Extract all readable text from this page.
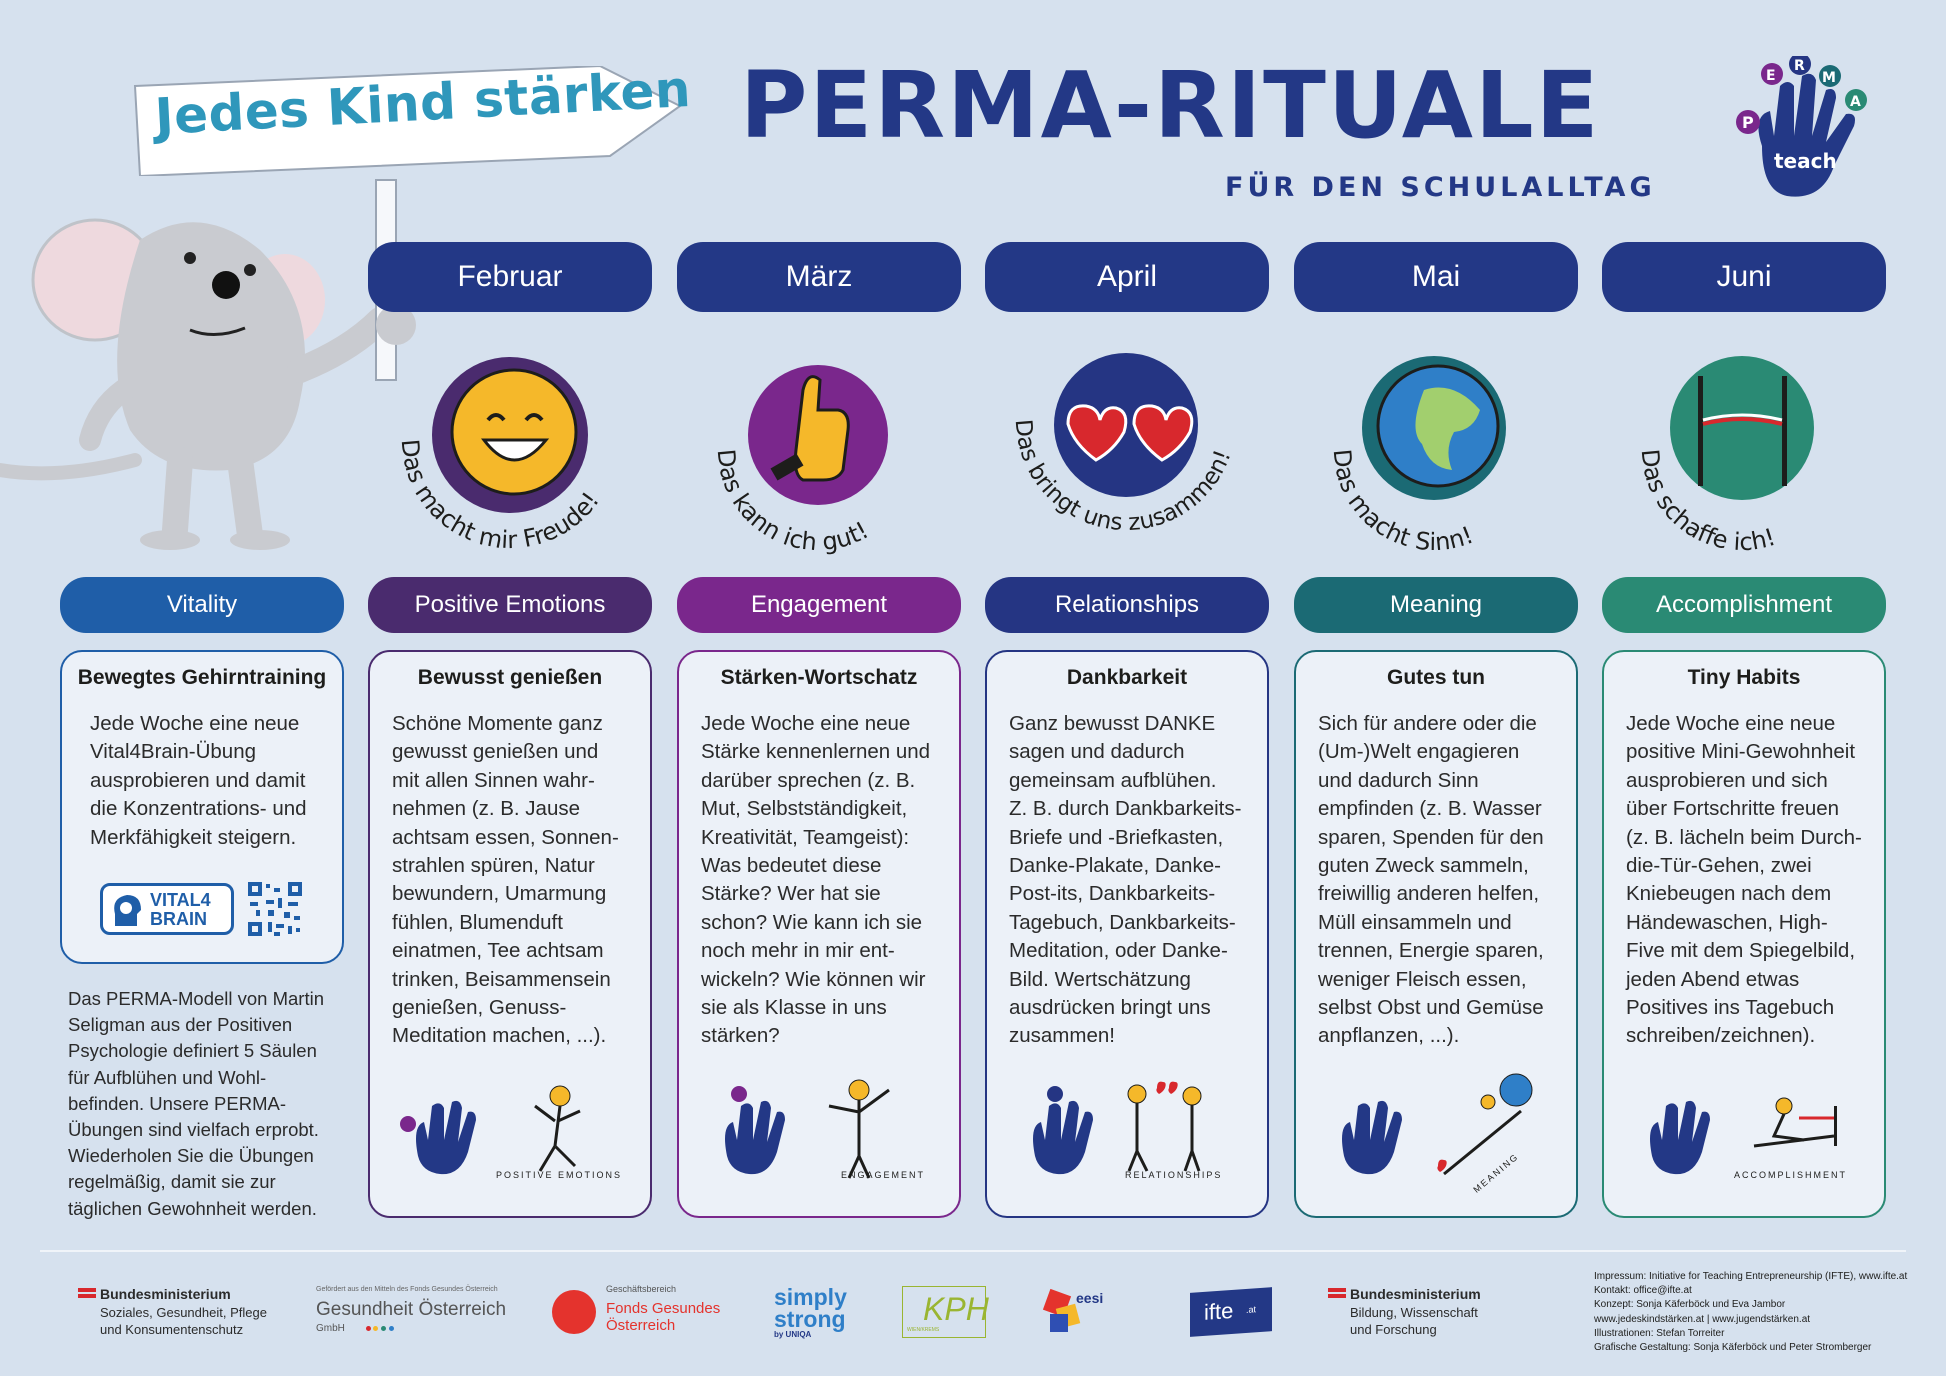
Jedes Kind stärken PERMA-RITUALE
FÜR DEN SCHULALLTAG
P
E
R
M
A
teach
Februar	März	April	Mai	Juni
Das macht mir Freude!
Das kann ich gut!
Das bringt uns zusammen!	Das macht Sinn!
Das schaffe ich!
Vitality	Positive Emotions	Engagement	Relationships	Meaning	Accomplishment
Bewegtes Gehirntraining
Jede Woche eine neue
Vital4Brain-Übung
ausprobieren und damit
die Konzentrations- und
Merkfähigkeit steigern.
VITAL4
BRAIN
Das PERMA-Modell von Martin
Seligman aus der Positiven
Psychologie definiert 5 Säulen
für Aufblühen und Wohl-
befinden. Unsere PERMA-
Übungen sind vielfach erprobt.
Wiederholen Sie die Übungen
regelmäßig, damit sie zur
täglichen Gewohnheit werden.
Bewusst genießen
Schöne Momente ganz
gewusst genießen und
mit allen Sinnen wahr-
nehmen (z. B. Jause
achtsam essen, Sonnen-
strahlen spüren, Natur
bewundern, Umarmung
fühlen, Blumenduft
einatmen, Tee achtsam
trinken, Beisammensein
genießen, Genuss-
Meditation machen, ...).
POSITIVE EMOTIONS
Stärken-Wortschatz
Jede Woche eine neue
Stärke kennenlernen und
darüber sprechen (z. B.
Mut, Selbstständigkeit,
Kreativität, Teamgeist):
Was bedeutet diese
Stärke? Wer hat sie
schon? Wie kann ich sie
noch mehr in mir ent-
wickeln? Wie können wir
sie als Klasse in uns
stärken?
ENGAGEMENT
Dankbarkeit
Ganz bewusst DANKE
sagen und dadurch
gemeinsam aufblühen.
Z. B. durch Dankbarkeits-
Briefe und -Briefkasten,
Danke-Plakate, Danke-
Post-its, Dankbarkeits-
Tagebuch, Dankbarkeits-
Meditation, oder Danke-
Bild. Wertschätzung
ausdrücken bringt uns
zusammen!
RELATIONSHIPS
Gutes tun
Sich für andere oder die
(Um-)Welt engagieren
und dadurch Sinn
empfinden (z. B. Wasser
sparen, Spenden für den
guten Zweck sammeln,
freiwillig anderen helfen,
Müll einsammeln und
trennen, Energie sparen,
weniger Fleisch essen,
selbst Obst und Gemüse
anpflanzen, ...).
MEANING
Tiny Habits
Jede Woche eine neue
positive Mini-Gewohnheit
ausprobieren und sich
über Fortschritte freuen
(z. B. lächeln beim Durch-
die-Tür-Gehen, zwei
Kniebeugen nach dem
Händewaschen, High-
Five mit dem Spiegelbild,
jeden Abend etwas
Positives ins Tagebuch
schreiben/zeichnen).
ACCOMPLISHMENT
Bundesministerium
Soziales, Gesundheit, Pflege
und Konsumentenschutz
Gefördert aus den Mitteln des Fonds Gesundes Österreich
Gesundheit Österreich
GmbH
Geschäftsbereich
Fonds Gesundes
Österreich
simply
strong
by UNIQA
KPH
WIEN/KREMS
eesi	ifte .at
Bundesministerium
Bildung, Wissenschaft
und Forschung
Impressum: Initiative for Teaching Entrepreneurship (IFTE), www.ifte.at
Kontakt: office@ifte.at
Konzept: Sonja Käferböck und Eva Jambor
www.jedeskindstärken.at | www.jugendstärken.at
Illustrationen: Stefan Torreiter
Grafische Gestaltung: Sonja Käferböck und Peter Stromberger
